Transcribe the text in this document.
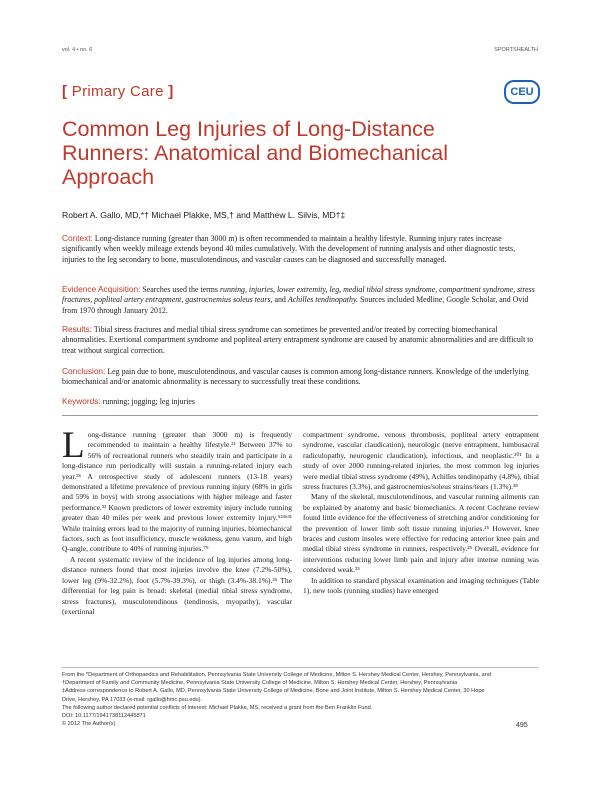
vol. 4 • no. 6	SPORTSHEALTH
[ Primary Care ]	CEU
Common Leg Injuries of Long-Distance Runners: Anatomical and Biomechanical Approach
Robert A. Gallo, MD,*† Michael Plakke, MS,† and Matthew L. Silvis, MD†‡
Context: Long-distance running (greater than 3000 m) is often recommended to maintain a healthy lifestyle. Running injury rates increase significantly when weekly mileage extends beyond 40 miles cumulatively. With the development of running analysis and other diagnostic tests, injuries to the leg secondary to bone, musculotendinous, and vascular causes can be diagnosed and successfully managed.
Evidence Acquisition: Searches used the terms running, injuries, lower extremity, leg, medial tibial stress syndrome, compartment syndrome, stress fractures, popliteal artery entrapment, gastrocnemius soleus tears, and Achilles tendinopathy. Sources included Medline, Google Scholar, and Ovid from 1970 through January 2012.
Results: Tibial stress fractures and medial tibial stress syndrome can sometimes be prevented and/or treated by correcting biomechanical abnormalities. Exertional compartment syndrome and popliteal artery entrapment syndrome are caused by anatomic abnormalities and are difficult to treat without surgical correction.
Conclusion: Leg pain due to bone, musculotendinous, and vascular causes is common among long-distance runners. Knowledge of the underlying biomechanical and/or anatomic abnormality is necessary to successfully treat these conditions.
Keywords: running; jogging; leg injuries
L ong-distance running (greater than 3000 m) is frequently recommended to maintain a healthy lifestyle.²¹ Between 37% to 56% of recreational runners who steadily train and participate in a long-distance run periodically will sustain a running-related injury each year.³⁶ A retrospective study of adolescent runners (13-18 years) demonstrated a lifetime prevalence of previous running injury (68% in girls and 59% in boys) with strong associations with higher mileage and faster performance.³² Known predictors of lower extremity injury include running greater than 40 miles per week and previous lower extremity injury.⁵²³⁶³¹ While training errors lead to the majority of running injuries, biomechanical factors, such as foot insufficiency, muscle weakness, genu varum, and high Q-angle, contribute to 40% of running injuries.⁷⁹

A recent systematic review of the incidence of leg injuries among long-distance runners found that most injuries involve the knee (7.2%-50%), lower leg (9%-32.2%), foot (5.7%-39.3%), or thigh (3.4%-38.1%).³⁵ The differential for leg pain is broad: skeletal (medial tibial stress syndrome, stress fractures), musculotendinous (tendinosis, myopathy), vascular (exertional

compartment syndrome, venous thrombosis, popliteal artery entrapment syndrome, vascular claudication), neurologic (nerve entrapment, lumbosacral radiculopathy, neurogenic claudication), infectious, and neoplastic.³⁰¹ In a study of over 2000 running-related injuries, the most common leg injuries were medial tibial stress syndrome (49%), Achilles tendinopathy (4.8%), tibial stress fractures (3.3%), and gastrocnemius/soleus strains/tears (1.3%).³⁸

Many of the skeletal, musculotendinous, and vascular running ailments can be explained by anatomy and basic biomechanics. A recent Cochrane review found little evidence for the effectiveness of stretching and/or conditioning for the prevention of lower limb soft tissue running injuries.²⁵ However, knee braces and custom insoles were effective for reducing anterior knee pain and medial tibial stress syndrome in runners, respectively.²⁵ Overall, evidence for interventions reducing lower limb pain and injury after intense running was considered weak.²⁵

In addition to standard physical examination and imaging techniques (Table 1), new tools (running studies) have emerged

From the *Department of Orthopaedics and Rehabilitation, Pennsylvania State University College of Medicine, Milton S. Hershey Medical Center, Hershey, Pennsylvania, and
†Department of Family and Community Medicine, Pennsylvania State University College of Medicine, Milton S. Hershey Medical Center, Hershey, Pennsylvania
‡Address correspondence to Robert A. Gallo, MD, Pennsylvania State University College of Medicine, Bone and Joint Institute, Milton S. Hershey Medical Center, 30 Hope
Drive, Hershey, PA 17033 (e-mail: rgallo@hmc.psu.edu).
The following author declared potential conflicts of interest: Michael Plakke, MS, received a grant from the Ben Franklin Fund.
DOI: 10.1177/1941738112445871
© 2012 The Author(s)	495
